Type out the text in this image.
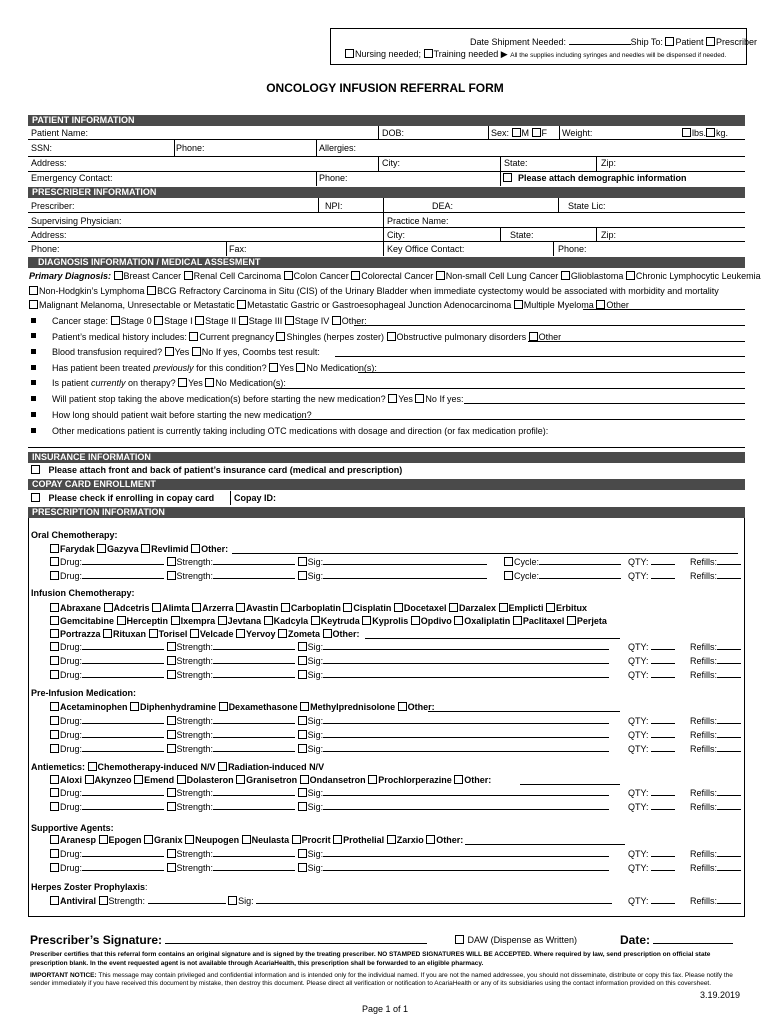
Date Shipment Needed:	Ship To: Patient Prescriber
Nursing needed; Training needed ▶ All the supplies including syringes and needles will be dispensed if needed.
ONCOLOGY INFUSION REFERRAL FORM
PATIENT INFORMATION
Patient Name:	DOB:	Sex: M F Weight:	lbs. kg.
SSN:	Phone:	Allergies:
Address:	City:	State:	Zip:
Emergency Contact:	Phone:	Please attach demographic information
PRESCRIBER INFORMATION
Prescriber:	NPI:	DEA:	State Lic:
Supervising Physician:	Practice Name:
Address:	City:	State:	Zip:
Phone:	Fax:	Key Office Contact:	Phone:
DIAGNOSIS INFORMATION / MEDICAL ASSESMENT
Primary Diagnosis: Breast Cancer Renal Cell Carcinoma Colon Cancer Colorectal Cancer Non-small Cell Lung Cancer Glioblastoma Chronic Lymphocytic Leukemia
Non-Hodgkin’s Lymphoma BCG Refractory Carcinoma in Situ (CIS) of the Urinary Bladder when immediate cystectomy would be associated with morbidity and mortality
Malignant Melanoma, Unresectable or Metastatic Metastatic Gastric or Gastroesophageal Junction Adenocarcinoma Multiple Myeloma Other
Cancer stage: Stage 0 Stage I Stage II Stage III Stage IV Other:
Patient’s medical history includes: Current pregnancy Shingles (herpes zoster) Obstructive pulmonary disorders Other
Blood transfusion required? Yes No If yes, Coombs test result:
Has patient been treated previously for this condition? Yes No Medication(s):
Is patient currently on therapy? Yes No Medication(s):
Will patient stop taking the above medication(s) before starting the new medication? Yes No If yes:
How long should patient wait before starting the new medication?
Other medications patient is currently taking including OTC medications with dosage and direction (or fax medication profile):
INSURANCE INFORMATION
Please attach front and back of patient’s insurance card (medical and prescription)
COPAY CARD ENROLLMENT
Please check if enrolling in copay card Copay ID:
PRESCRIPTION INFORMATION
Oral Chemotherapy:
Farydak Gazyva Revlimid Other:
Drug:	Strength:	Sig:	Cycle:	QTY:	Refills:
Drug:	Strength:	Sig:	Cycle:	QTY:	Refills:
Drug:	Strength:	Sig:	QTY:	Refills:
Drug:	Strength:	Sig:	QTY:	Refills:
Drug:	Strength:	Sig:	QTY:	Refills:
Drug:	Strength:	Sig:	QTY:	Refills:
Drug:	Strength:	Sig:	QTY:	Refills:
Drug:	Strength:	Sig:	QTY:	Refills:
Drug:	Strength:	Sig:	QTY:	Refills:
Drug:	Strength:	Sig:	QTY:	Refills:
Drug:	Strength:	Sig:	QTY:	Refills:
Drug:	Strength:	Sig:	QTY:	Refills:
Infusion Chemotherapy:
Abraxane Adcetris Alimta Arzerra Avastin Carboplatin Cisplatin Docetaxel Darzalex Emplicti Erbitux
Gemcitabine Herceptin Ixempra Jevtana Kadcyla Keytruda Kyprolis Opdivo Oxaliplatin Paclitaxel Perjeta
Portrazza Rituxan Torisel Velcade Yervoy Zometa Other:
Pre-Infusion Medication:
Acetaminophen Diphenhydramine Dexamethasone Methylprednisolone Other:
Antiemetics: Chemotherapy-induced N/V Radiation-induced N/V
Aloxi Akynzeo Emend Dolasteron Granisetron Ondansetron Prochlorperazine Other:
Supportive Agents:
Aranesp Epogen Granix Neupogen Neulasta Procrit Prothelial Zarxio Other:
Herpes Zoster Prophylaxis:
Antiviral Strength:	Sig:	QTY:	Refills:
Prescriber’s Signature:	DAW (Dispense as Written)	Date:
Prescriber certifies that this referral form contains an original signature and is signed by the treating prescriber. NO STAMPED SIGNATURES WILL BE ACCEPTED. Where required by law, send prescription on official state prescription blank. In the event requested agent is not available through AcariaHealth, this prescription shall be forwarded to an eligible pharmacy.
IMPORTANT NOTICE: This message may contain privileged and confidential information and is intended only for the individual named. If you are not the named addressee, you should not disseminate, distribute or copy this fax. Please notify the sender immediately if you have received this document by mistake, then destroy this document. Please direct all verification or notification to AcariaHealth or any of its subsidiaries using the contact information provided on this coversheet.
3.19.2019
Page 1 of 1
